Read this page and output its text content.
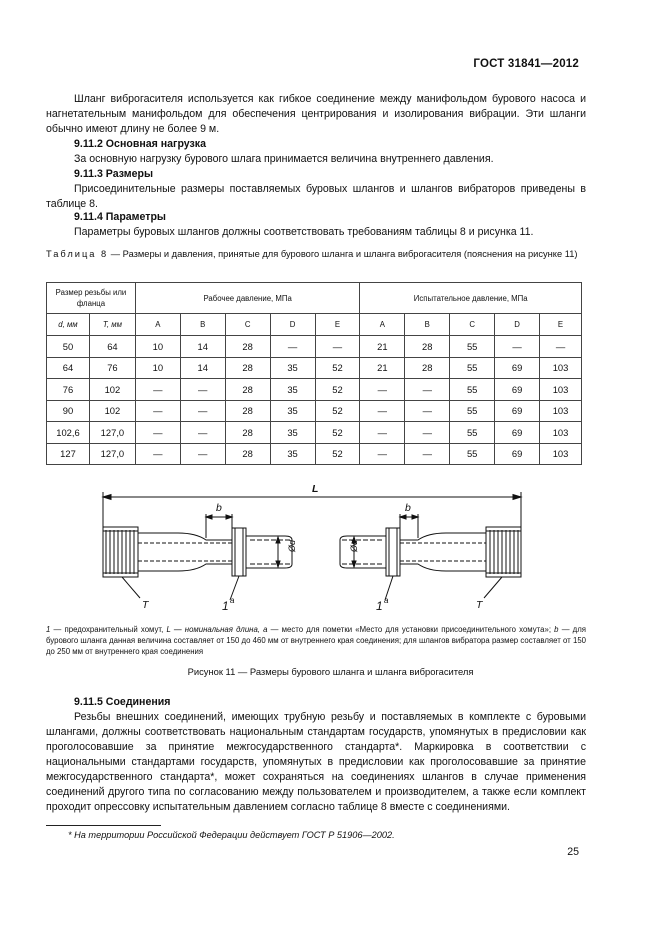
ГОСТ 31841—2012
Шланг виброгасителя используется как гибкое соединение между манифольдом бурового насоса и нагнетательным манифольдом для обеспечения центрирования и изолирования вибрации. Эти шланги обычно имеют длину не более 9 м.
9.11.2 Основная нагрузка
За основную нагрузку бурового шлага принимается величина внутреннего давления.
9.11.3 Размеры
Присоединительные размеры поставляемых буровых шлангов и шлангов вибраторов приведены в таблице 8.
9.11.4 Параметры
Параметры буровых шлангов должны соответствовать требованиям таблицы 8 и рисунка 11.
Таблица 8 — Размеры и давления, принятые для бурового шланга и шланга виброгасителя (пояснения на рисунке 11)
Размер резьбы или фланца		Рабочее давление, МПа					Испытательное давление, МПа				
d, мм	T, мм	A	B	C	D	E	A	B	C	D	E
50	64	10	14	28	—	—	21	28	55	—	—
64	76	10	14	28	35	52	21	28	55	69	103
76	102	—	—	28	35	52	—	—	55	69	103
90	102	—	—	28	35	52	—	—	55	69	103
102,6	127,0	—	—	28	35	52	—	—	55	69	103
127	127,0	—	—	28	35	52	—	—	55	69	103
L
b	b
Ød	Ød
T	T
1 а	1 а
1 — предохранительный хомут, L — номинальная длина, а — место для пометки «Место для установки присоединительного хомута»; b — для бурового шланга данная величина составляет от 150 до 460 мм от внутреннего края соединения; для шлангов вибратора размер составляет от 150 до 250 мм от внутреннего края соединения
Рисунок 11 — Размеры бурового шланга и шланга виброгасителя
9.11.5 Соединения
Резьбы внешних соединений, имеющих трубную резьбу и поставляемых в комплекте с буровыми шлангами, должны соответствовать национальным стандартам государств, упомянутых в предисловии как проголосовавшие за принятие межгосударственного стандарта*. Маркировка в соответствии с национальными стандартами государств, упомянутых в предисловии как проголосовавшие за принятие межгосударственного стандарта*, может сохраняться на соединениях шлангов в случае применения соединений другого типа по согласованию между пользователем и производителем, а также если комплект проходит опрессовку испытательным давлением согласно таблице 8 вместе с соединениями.
* На территории Российской Федерации действует ГОСТ Р 51906—2002.
25
